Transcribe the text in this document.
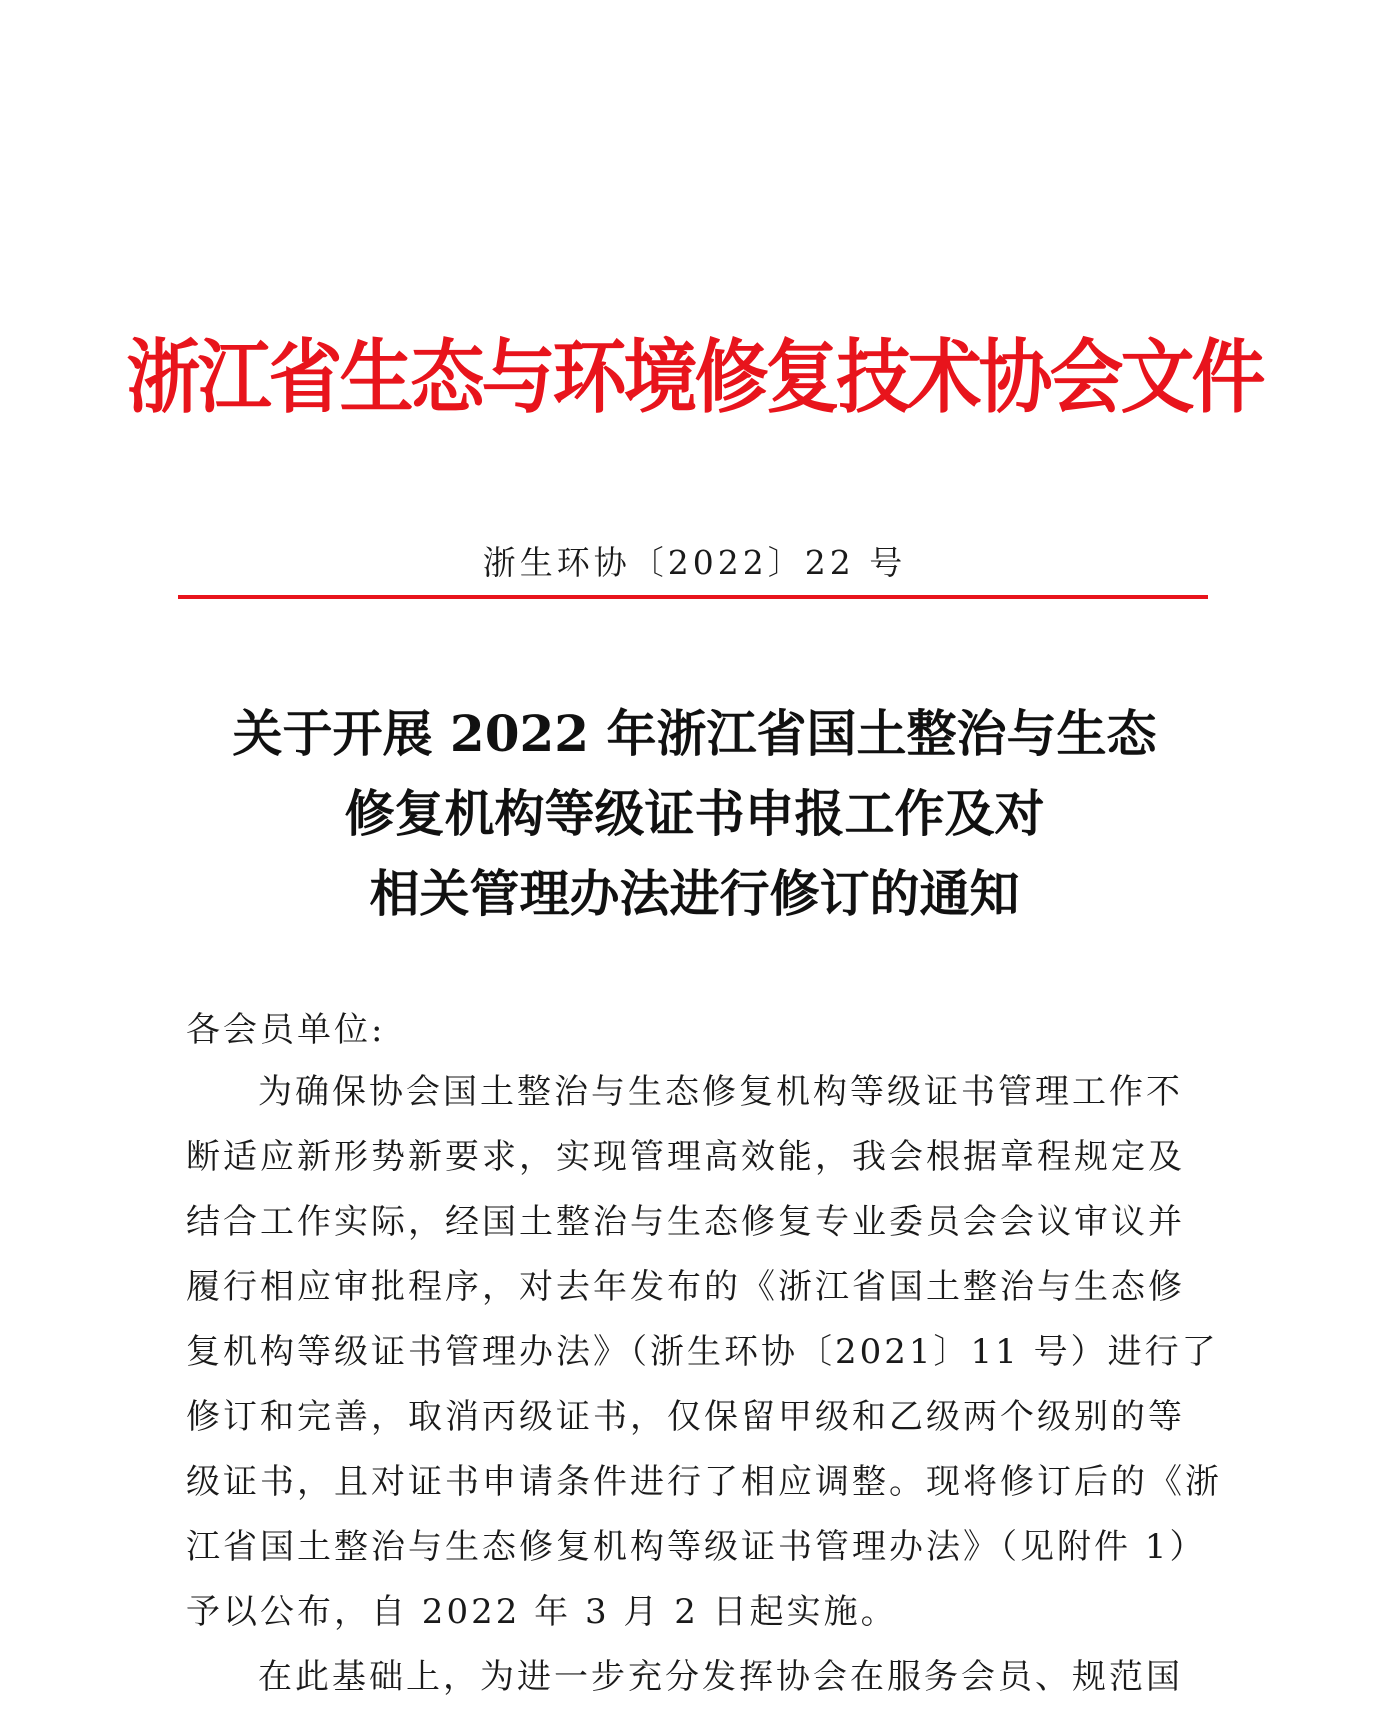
浙江省生态与环境修复技术协会文件
浙生环协〔2022〕22 号
关于开展 2022 年浙江省国土整治与生态
修复机构等级证书申报工作及对
相关管理办法进行修订的通知
各会员单位:
为确保协会国土整治与生态修复机构等级证书管理工作不
断适应新形势新要求，实现管理高效能，我会根据章程规定及
结合工作实际，经国土整治与生态修复专业委员会会议审议并
履行相应审批程序，对去年发布的《浙江省国土整治与生态修
复机构等级证书管理办法》（浙生环协〔2021〕11 号）进行了
修订和完善，取消丙级证书，仅保留甲级和乙级两个级别的等
级证书，且对证书申请条件进行了相应调整。现将修订后的《浙
江省国土整治与生态修复机构等级证书管理办法》（见附件 1）
予以公布，自 2022 年 3 月 2 日起实施。
在此基础上，为进一步充分发挥协会在服务会员、规范国
